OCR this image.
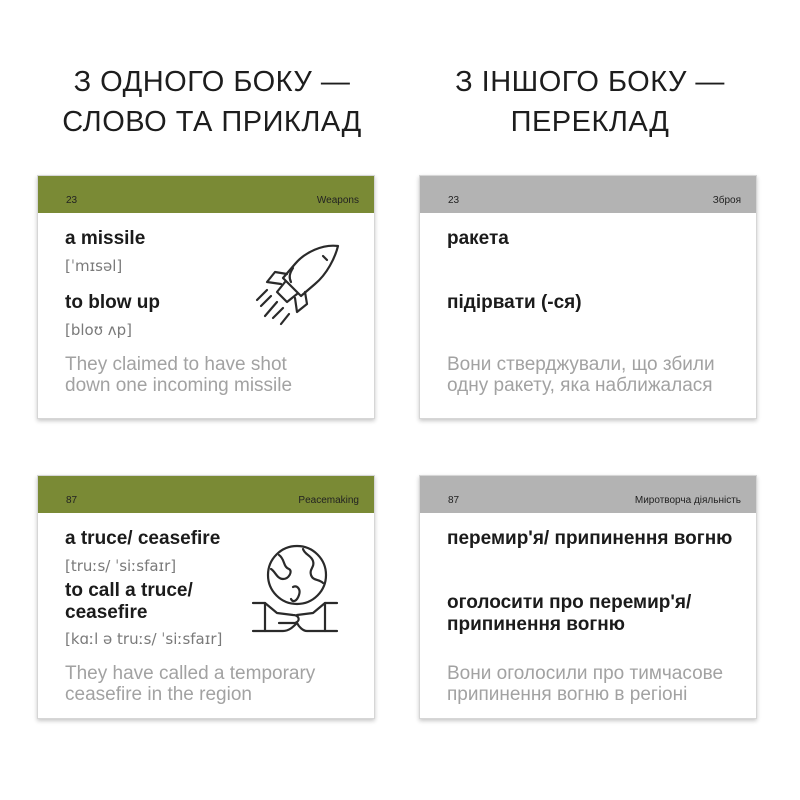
З ОДНОГО БОКУ —
СЛОВО ТА ПРИКЛАД
З ІНШОГО БОКУ —
ПЕРЕКЛАД
23	Weapons
a missile
[ˈmɪsəl]
to blow up
[bloʊ ʌp]
They claimed to have shot
down one incoming missile
23	Зброя
ракета
підірвати (-ся)
Вони стверджували, що збили
одну ракету, яка наближалася
87	Peacemaking
a truce/ ceasefire
[truːs/ ˈsiːsfaɪr]
to call a truce/
ceasefire
[kɑːl ə truːs/ ˈsiːsfaɪr]
They have called a temporary
ceasefire in the region
87	Миротворча діяльність
перемир'я/ припинення вогню
оголосити про перемир'я/
припинення вогню
Вони оголосили про тимчасове
припинення вогню в регіоні
